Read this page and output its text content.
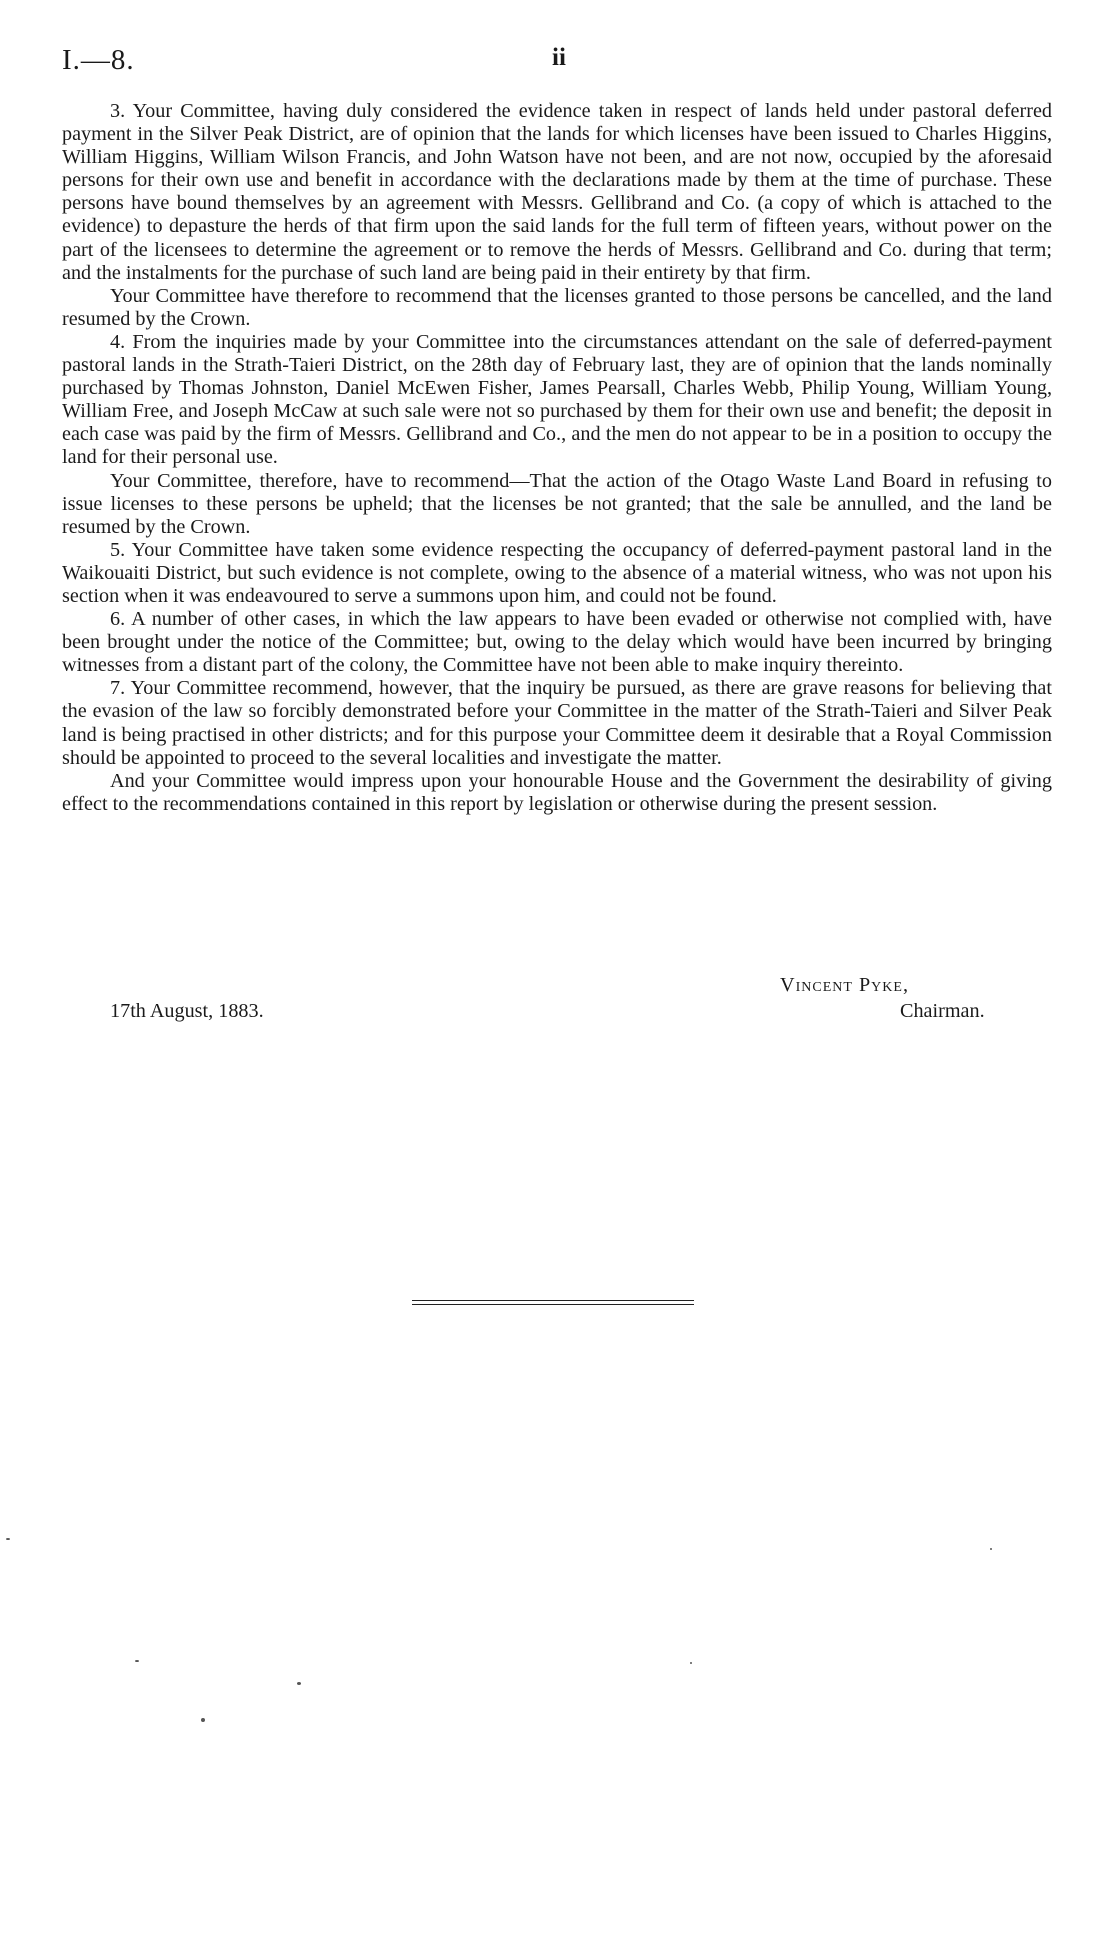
I.—8.	ii

3. Your Committee, having duly considered the evidence taken in respect of lands held under pastoral deferred payment in the Silver Peak District, are of opinion that the lands for which licenses have been issued to Charles Higgins, William Higgins, William Wilson Francis, and John Watson have not been, and are not now, occupied by the aforesaid persons for their own use and benefit in accordance with the declarations made by them at the time of purchase. These persons have bound themselves by an agreement with Messrs. Gellibrand and Co. (a copy of which is attached to the evidence) to depasture the herds of that firm upon the said lands for the full term of fifteen years, without power on the part of the licensees to determine the agreement or to remove the herds of Messrs. Gellibrand and Co. during that term; and the instalments for the purchase of such land are being paid in their entirety by that firm.

Your Committee have therefore to recommend that the licenses granted to those persons be cancelled, and the land resumed by the Crown.

4. From the inquiries made by your Committee into the circumstances attendant on the sale of deferred-payment pastoral lands in the Strath-Taieri District, on the 28th day of February last, they are of opinion that the lands nominally purchased by Thomas Johnston, Daniel McEwen Fisher, James Pearsall, Charles Webb, Philip Young, William Young, William Free, and Joseph McCaw at such sale were not so purchased by them for their own use and benefit; the deposit in each case was paid by the firm of Messrs. Gellibrand and Co., and the men do not appear to be in a position to occupy the land for their personal use.

Your Committee, therefore, have to recommend—That the action of the Otago Waste Land Board in refusing to issue licenses to these persons be upheld; that the licenses be not granted; that the sale be annulled, and the land be resumed by the Crown.

5. Your Committee have taken some evidence respecting the occupancy of deferred-payment pastoral land in the Waikouaiti District, but such evidence is not complete, owing to the absence of a material witness, who was not upon his section when it was endeavoured to serve a summons upon him, and could not be found.

6. A number of other cases, in which the law appears to have been evaded or otherwise not complied with, have been brought under the notice of the Committee; but, owing to the delay which would have been incurred by bringing witnesses from a distant part of the colony, the Committee have not been able to make inquiry thereinto.

7. Your Committee recommend, however, that the inquiry be pursued, as there are grave reasons for believing that the evasion of the law so forcibly demonstrated before your Committee in the matter of the Strath-Taieri and Silver Peak land is being practised in other districts; and for this purpose your Committee deem it desirable that a Royal Commission should be appointed to proceed to the several localities and investigate the matter.

And your Committee would impress upon your honourable House and the Government the desirability of giving effect to the recommendations contained in this report by legislation or otherwise during the present session.

17th August, 1883.
Vincent Pyke,
Chairman.
